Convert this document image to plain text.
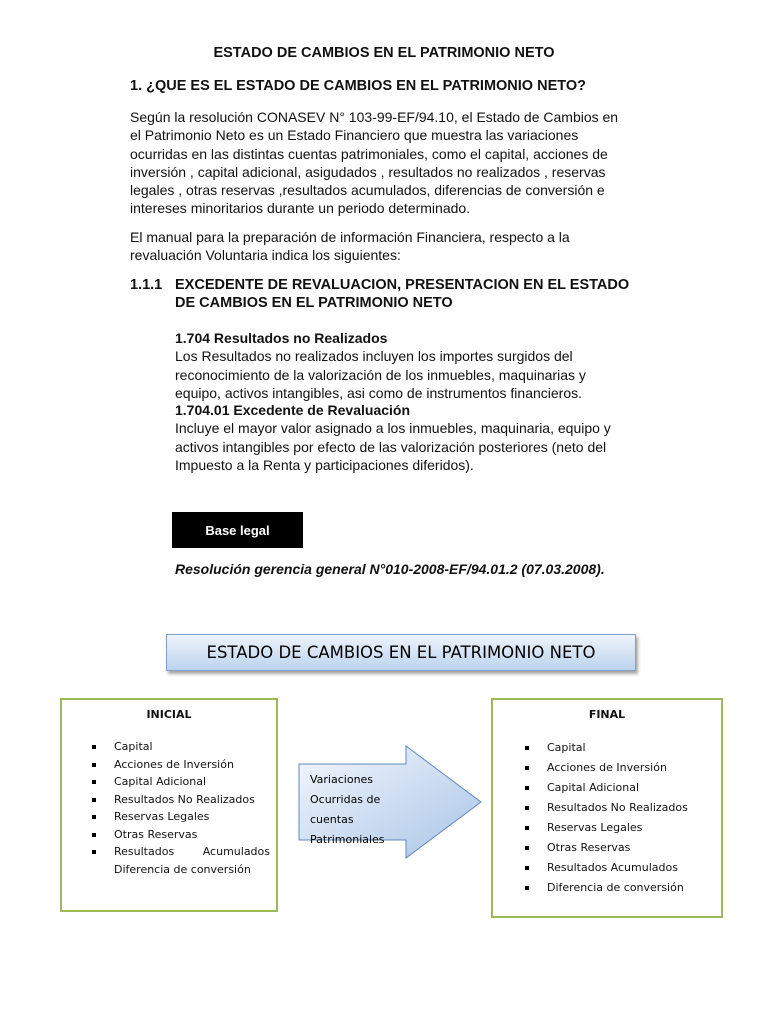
ESTADO DE CAMBIOS EN EL PATRIMONIO NETO
1. ¿QUE ES EL ESTADO DE CAMBIOS EN EL PATRIMONIO NETO?
Según la resolución CONASEV N° 103-99-EF/94.10, el Estado de Cambios en
el Patrimonio Neto es un Estado Financiero que muestra las variaciones
ocurridas en las distintas cuentas patrimoniales, como el capital, acciones de
inversión , capital adicional, asigudados , resultados no realizados , reservas
legales , otras reservas ,resultados acumulados, diferencias de conversión e
intereses minoritarios durante un periodo determinado.
El manual para la preparación de información Financiera, respecto a la
revaluación Voluntaria indica los siguientes:
1.1.1 EXCEDENTE DE REVALUACION, PRESENTACION EN EL ESTADO
DE CAMBIOS EN EL PATRIMONIO NETO
1.704 Resultados no Realizados
Los Resultados no realizados incluyen los importes surgidos del
reconocimiento de la valorización de los inmuebles, maquinarias y
equipo, activos intangibles, asi como de instrumentos financieros.
1.704.01 Excedente de Revaluación
Incluye el mayor valor asignado a los inmuebles, maquinaria, equipo y
activos intangibles por efecto de las valorización posteriores (neto del
Impuesto a la Renta y participaciones diferidos).
Base legal
Resolución gerencia general N°010-2008-EF/94.01.2 (07.03.2008).
ESTADO DE CAMBIOS EN EL PATRIMONIO NETO
INICIAL
Capital
Acciones de Inversión
Capital Adicional
Resultados No Realizados
Reservas Legales
Otras Reservas
Resultados	Acumulados
Diferencia de conversión
Variaciones
Ocurridas de
cuentas
Patrimoniales
FINAL
Capital
Acciones de Inversión
Capital Adicional
Resultados No Realizados
Reservas Legales
Otras Reservas
Resultados Acumulados
Diferencia de conversión
